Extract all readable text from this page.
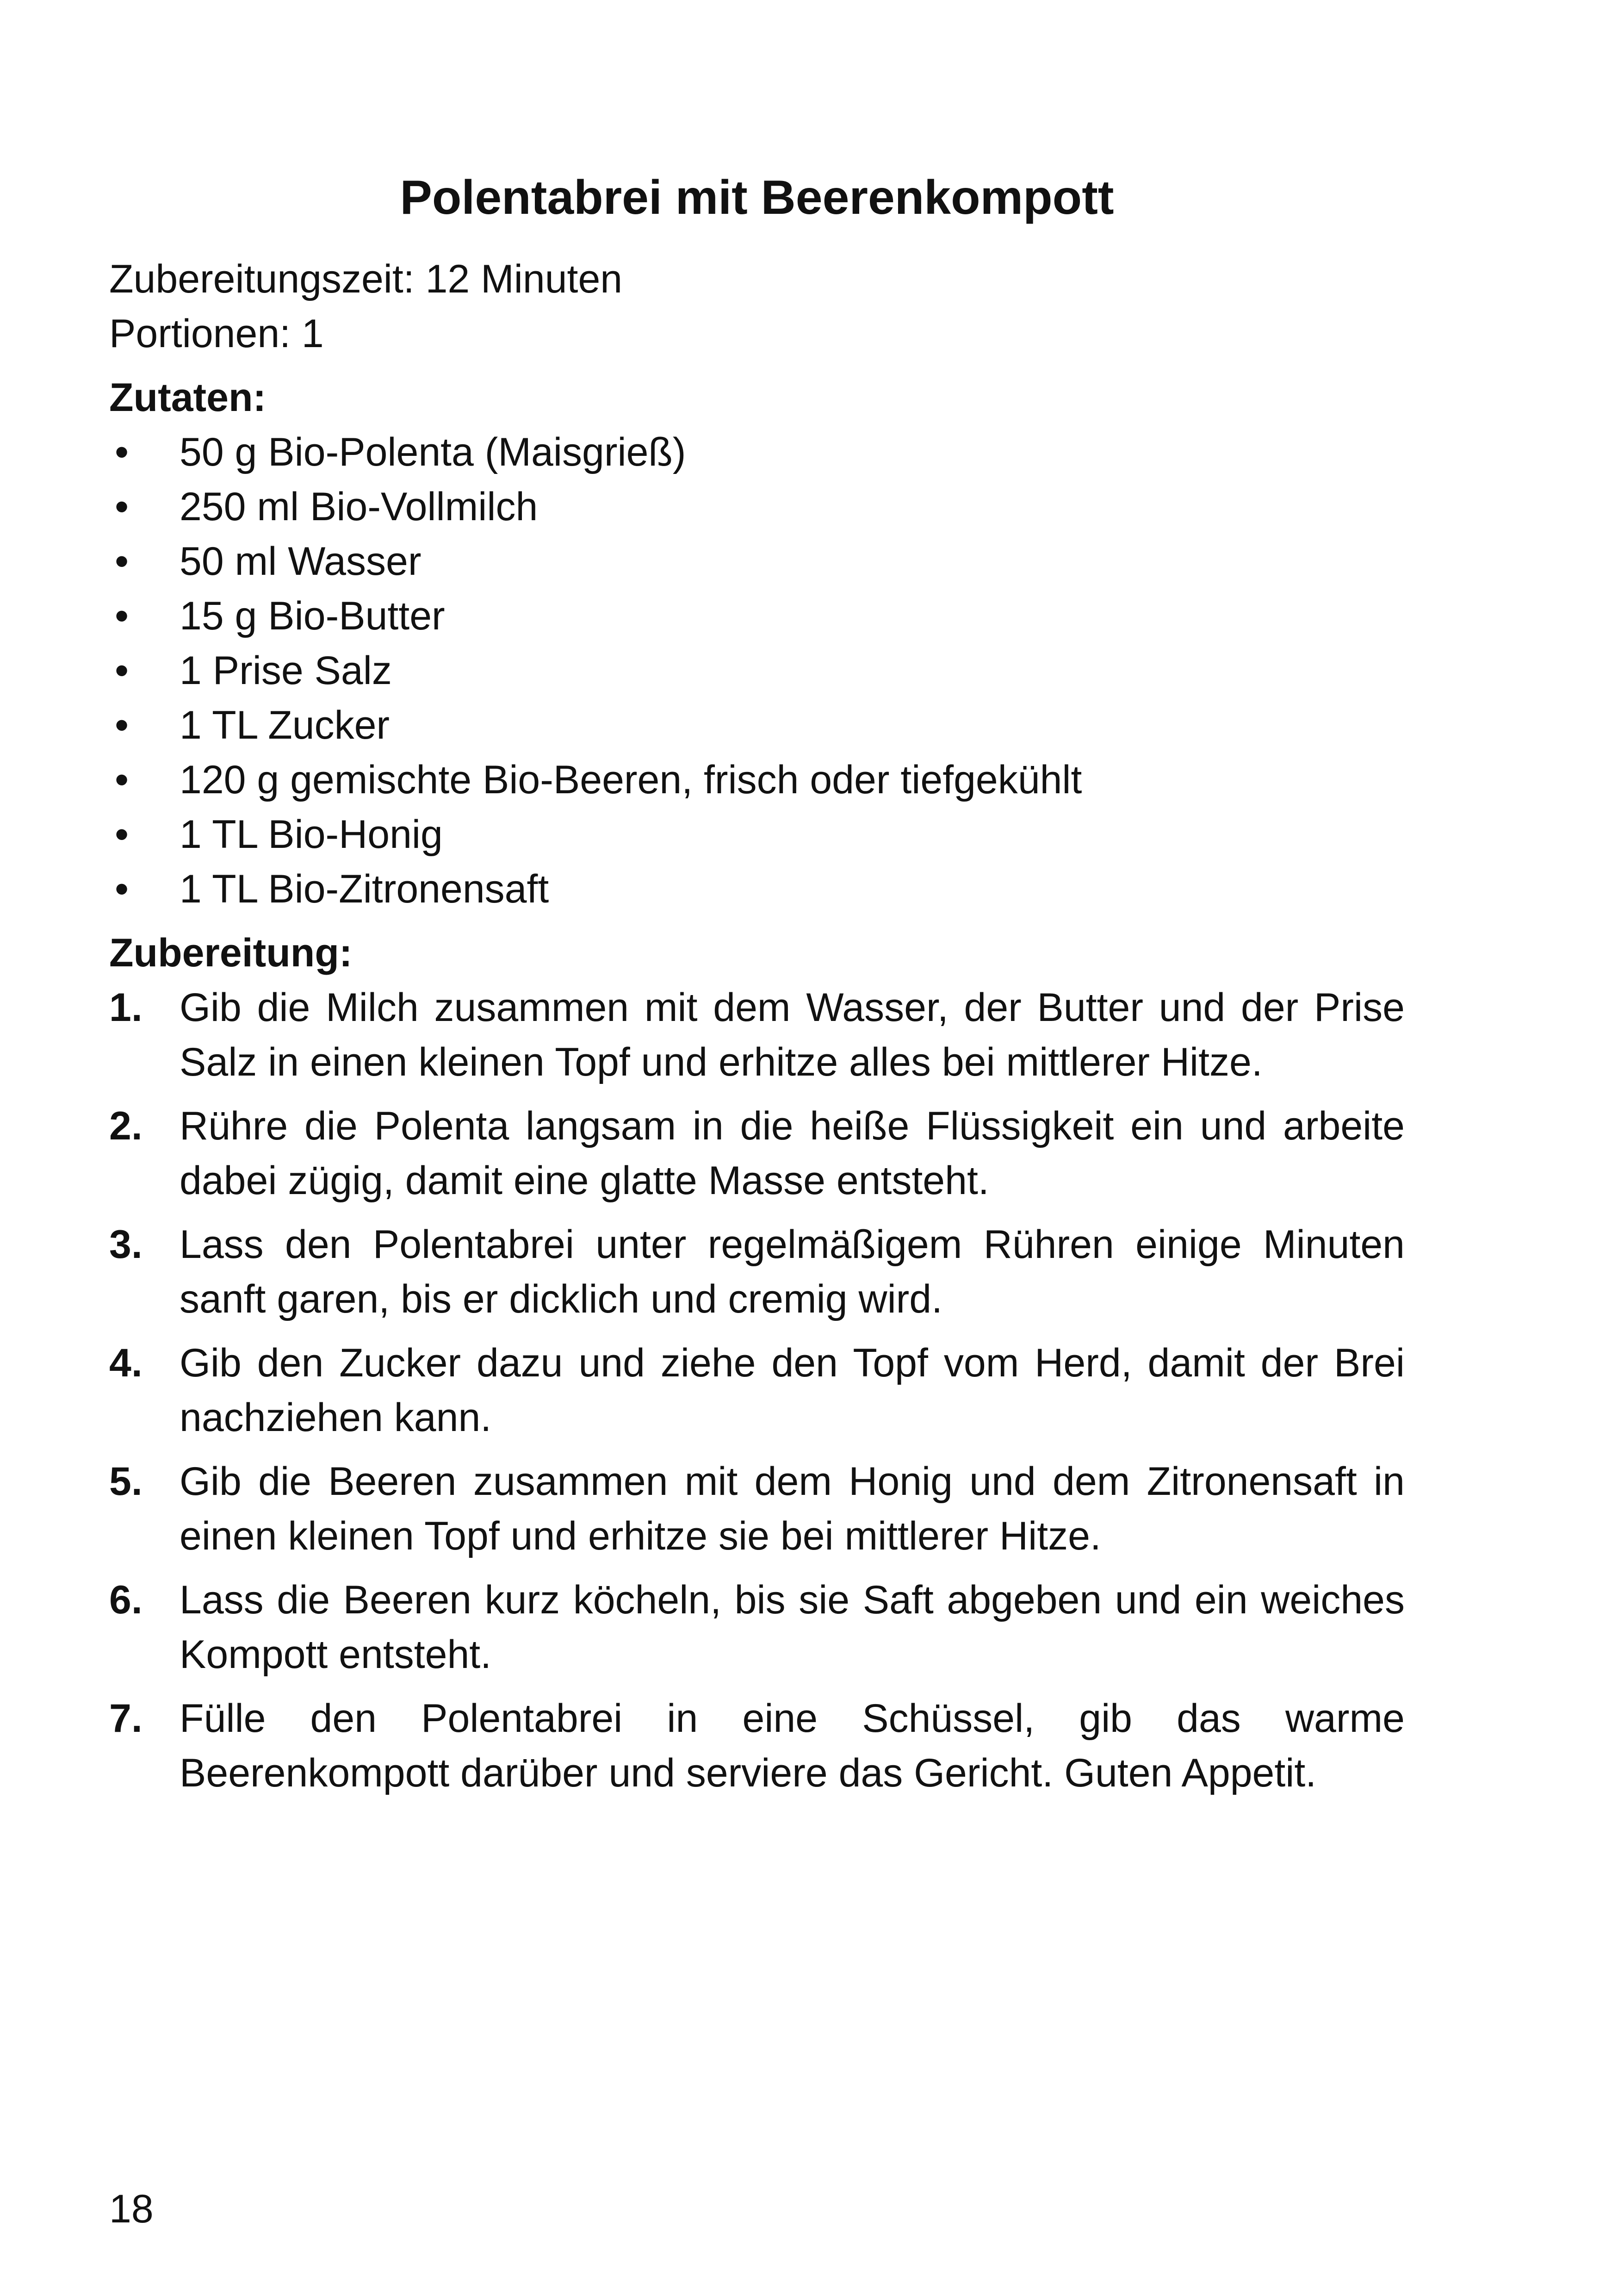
Polentabrei mit Beerenkompott

Zubereitungszeit: 12 Minuten

Portionen: 1

Zutaten:

• 50 g Bio-Polenta (Maisgrieß)
• 250 ml Bio-Vollmilch
• 50 ml Wasser
• 15 g Bio-Butter
• 1 Prise Salz
• 1 TL Zucker
• 120 g gemischte Bio-Beeren, frisch oder tiefgekühlt
• 1 TL Bio-Honig
• 1 TL Bio-Zitronensaft

Zubereitung:

1. Gib die Milch zusammen mit dem Wasser, der Butter und der Prise Salz in einen kleinen Topf und erhitze alles bei mittlerer Hitze.
2. Rühre die Polenta langsam in die heiße Flüssigkeit ein und arbeite dabei zügig, damit eine glatte Masse entsteht.
3. Lass den Polentabrei unter regelmäßigem Rühren einige Minuten sanft garen, bis er dicklich und cremig wird.
4. Gib den Zucker dazu und ziehe den Topf vom Herd, damit der Brei nachziehen kann.
5. Gib die Beeren zusammen mit dem Honig und dem Zitronensaft in einen kleinen Topf und erhitze sie bei mittlerer Hitze.
6. Lass die Beeren kurz köcheln, bis sie Saft abgeben und ein weiches Kompott entsteht.
7. Fülle den Polentabrei in eine Schüssel, gib das warme Beerenkompott darüber und serviere das Gericht. Guten Appetit.

18
